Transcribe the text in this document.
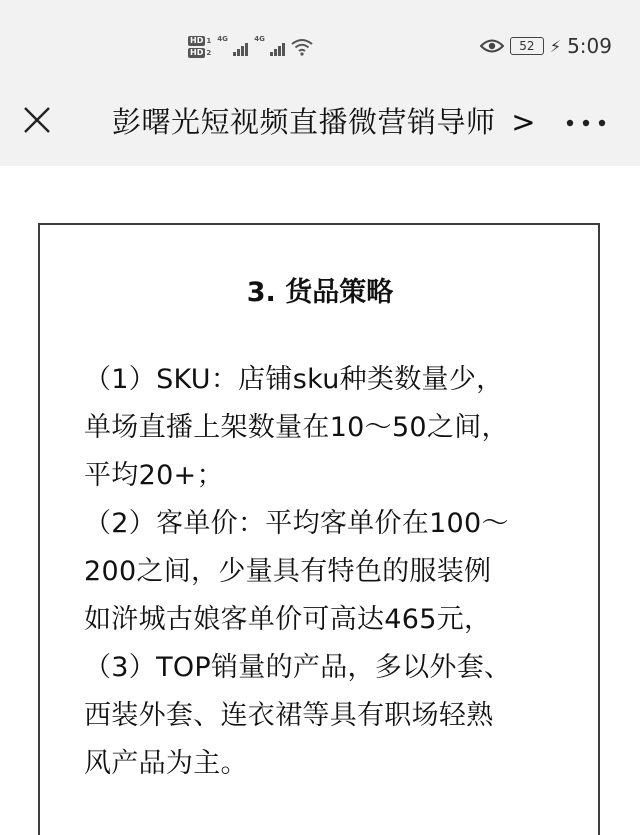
HD 1
HD 2
4G	4G	52 ⚡ 5:09
彭曙光短视频直播微营销导师 >
3. 货品策略
（1）SKU：店铺sku种类数量少，
单场直播上架数量在10～50之间，
平均20+；
（2）客单价：平均客单价在100～
200之间，少量具有特色的服装例
如浒城古娘客单价可高达465元，
（3）TOP销量的产品，多以外套、
西装外套、连衣裙等具有职场轻熟
风产品为主。
